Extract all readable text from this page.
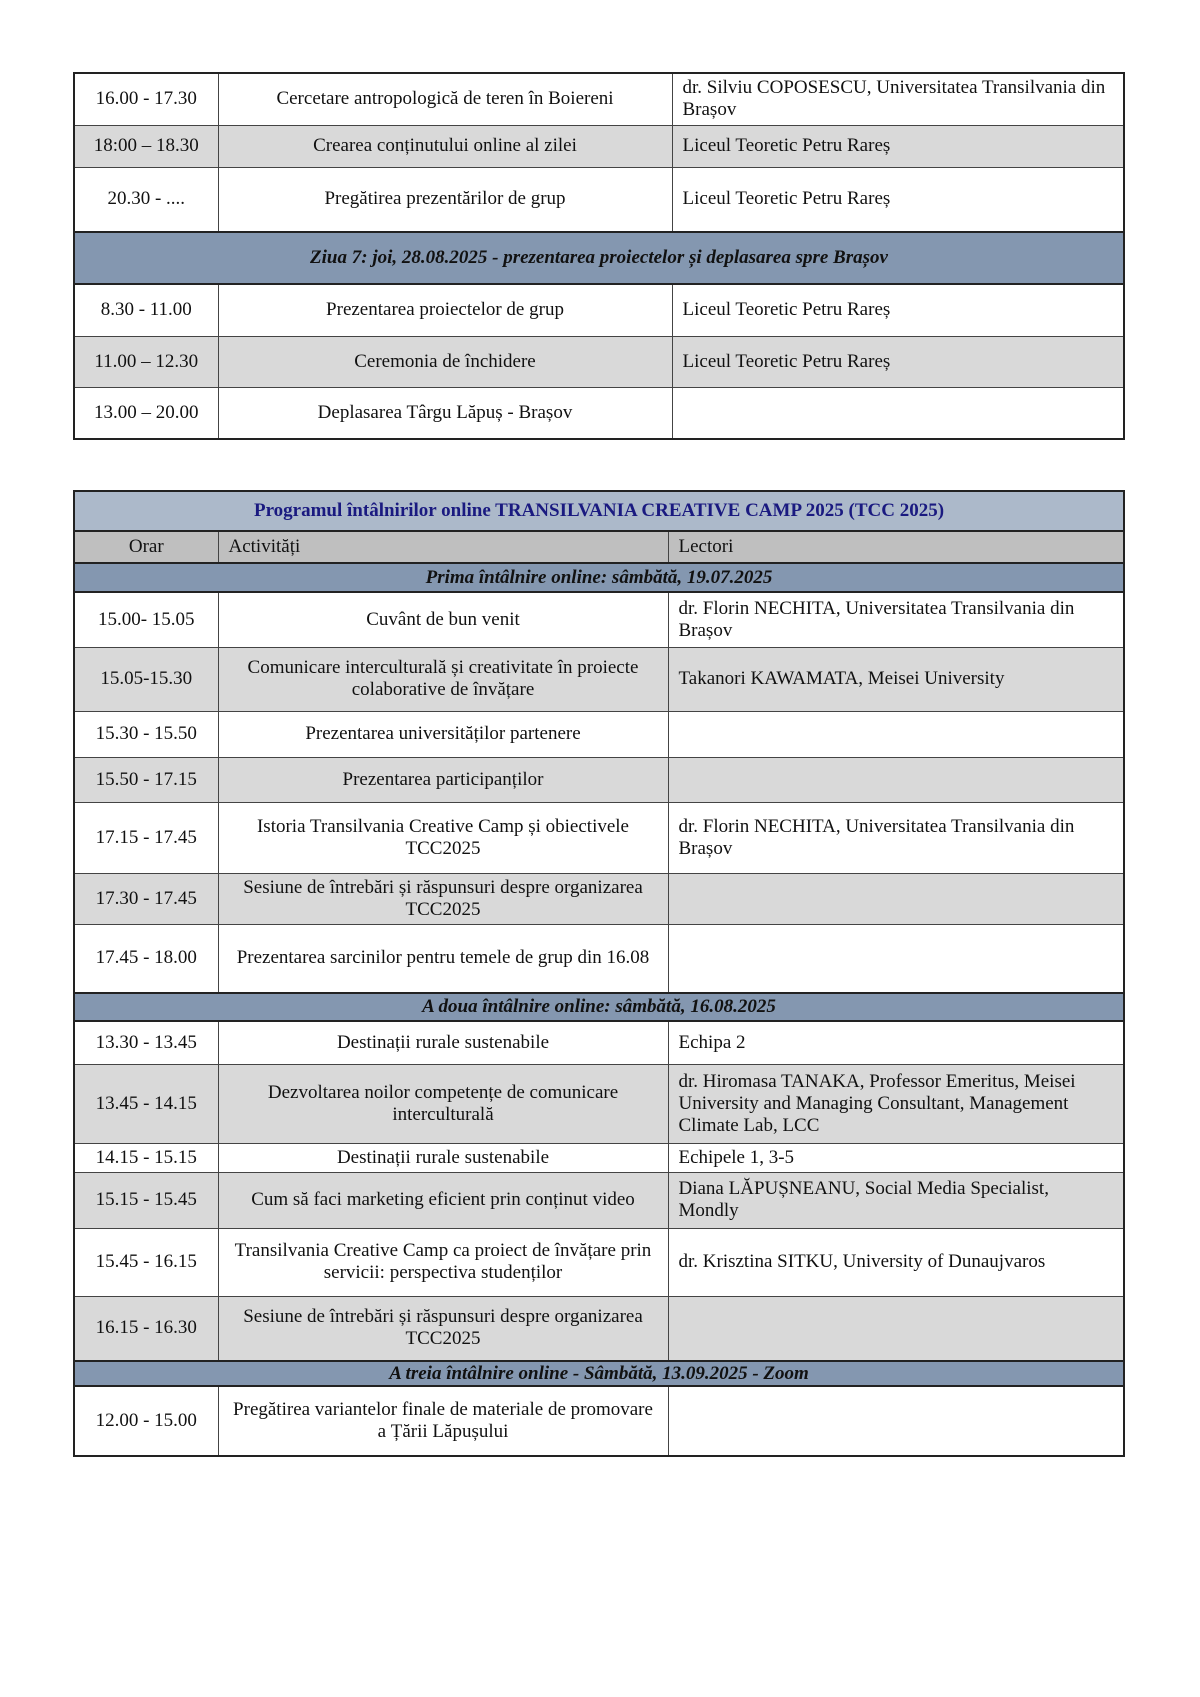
16.00 - 17.30	Cercetare antropologică de teren în Boiereni	dr. Silviu COPOSESCU, Universitatea Transilvania din Brașov
18:00 – 18.30	Crearea conținutului online al zilei	Liceul Teoretic Petru Rareș
20.30 - ....	Pregătirea prezentărilor de grup	Liceul Teoretic Petru Rareș
Ziua 7: joi, 28.08.2025 - prezentarea proiectelor și deplasarea spre Brașov		
8.30 - 11.00	Prezentarea proiectelor de grup	Liceul Teoretic Petru Rareș
11.00 – 12.30	Ceremonia de închidere	Liceul Teoretic Petru Rareș
13.00 – 20.00	Deplasarea Târgu Lăpuș - Brașov	
Programul întâlnirilor online TRANSILVANIA CREATIVE CAMP 2025 (TCC 2025)		
Orar	Activități	Lectori
Prima întâlnire online: sâmbătă, 19.07.2025		
15.00- 15.05	Cuvânt de bun venit	dr. Florin NECHITA, Universitatea Transilvania din Brașov
15.05-15.30	Comunicare interculturală și creativitate în proiecte colaborative de învățare	Takanori KAWAMATA, Meisei University
15.30 - 15.50	Prezentarea universităților partenere	
15.50 - 17.15	Prezentarea participanților	
17.15 - 17.45	Istoria Transilvania Creative Camp și obiectivele TCC2025	dr. Florin NECHITA, Universitatea Transilvania din Brașov
17.30 - 17.45	Sesiune de întrebări și răspunsuri despre organizarea TCC2025	
17.45 - 18.00	Prezentarea sarcinilor pentru temele de grup din 16.08	
A doua întâlnire online: sâmbătă, 16.08.2025		
13.30 - 13.45	Destinații rurale sustenabile	Echipa 2
13.45 - 14.15	Dezvoltarea noilor competențe de comunicare interculturală	dr. Hiromasa TANAKA, Professor Emeritus, Meisei University and Managing Consultant, Management Climate Lab, LCC
14.15 - 15.15	Destinații rurale sustenabile	Echipele 1, 3-5
15.15 - 15.45	Cum să faci marketing eficient prin conținut video	Diana LĂPUȘNEANU, Social Media Specialist, Mondly
15.45 - 16.15	Transilvania Creative Camp ca proiect de învățare prin servicii: perspectiva studenților	dr. Krisztina SITKU, University of Dunaujvaros
16.15 - 16.30	Sesiune de întrebări și răspunsuri despre organizarea TCC2025	
A treia întâlnire online - Sâmbătă, 13.09.2025 - Zoom		
12.00 - 15.00	Pregătirea variantelor finale de materiale de promovare a Țării Lăpușului	
